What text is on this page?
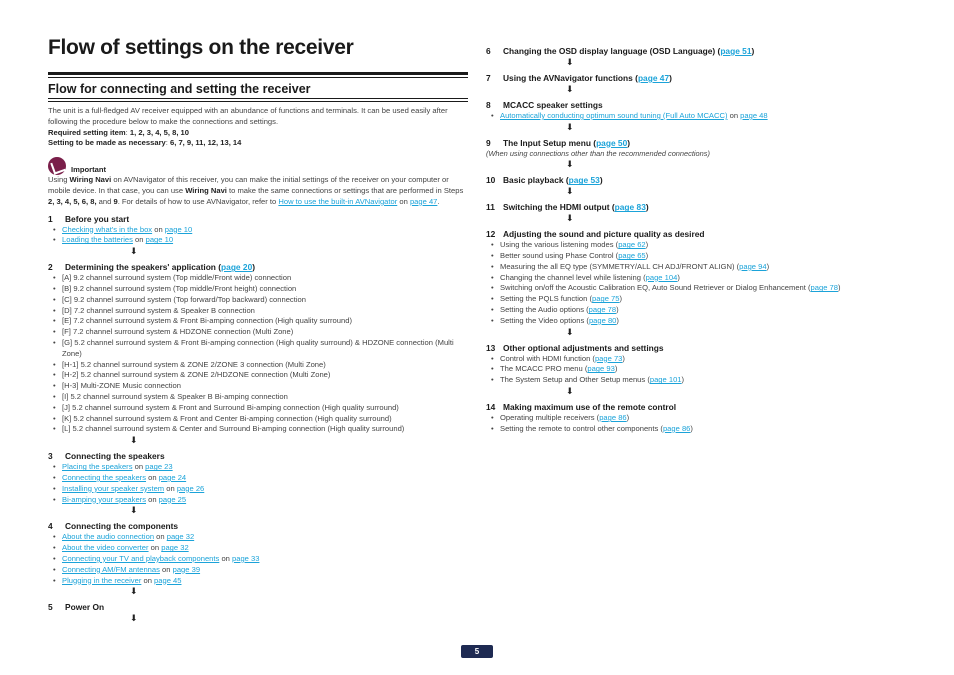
Flow of settings on the receiver
Flow for connecting and setting the receiver

The unit is a full-fledged AV receiver equipped with an abundance of functions and terminals. It can be used easily after following the procedure below to make the connections and settings.

Required setting item: 1, 2, 3, 4, 5, 8, 10

Setting to be made as necessary: 6, 7, 9, 11, 12, 13, 14

Important

Using Wiring Navi on AVNavigator of this receiver, you can make the initial settings of the receiver on your computer or mobile device. In that case, you can use Wiring Navi to make the same connections or settings that are performed in Steps 2, 3, 4, 5, 6, 8, and 9. For details of how to use AVNavigator, refer to How to use the built-in AVNavigator on page 47.

1 Before you start
• Checking what's in the box on page 10
• Loading the batteries on page 10
⬇
2 Determining the speakers' application (page 20)
• [A] 9.2 channel surround system (Top middle/Front wide) connection
• [B] 9.2 channel surround system (Top middle/Front height) connection
• [C] 9.2 channel surround system (Top forward/Top backward) connection
• [D] 7.2 channel surround system & Speaker B connection
• [E] 7.2 channel surround system & Front Bi-amping connection (High quality surround)
• [F] 7.2 channel surround system & HDZONE connection (Multi Zone)
• [G] 5.2 channel surround system & Front Bi-amping connection (High quality surround) & HDZONE connection (Multi Zone)
• [H-1] 5.2 channel surround system & ZONE 2/ZONE 3 connection (Multi Zone)
• [H-2] 5.2 channel surround system & ZONE 2/HDZONE connection (Multi Zone)
• [H-3] Multi-ZONE Music connection
• [I] 5.2 channel surround system & Speaker B Bi-amping connection
• [J] 5.2 channel surround system & Front and Surround Bi-amping connection (High quality surround)
• [K] 5.2 channel surround system & Front and Center Bi-amping connection (High quality surround)
• [L] 5.2 channel surround system & Center and Surround Bi-amping connection (High quality surround)
⬇
3 Connecting the speakers
• Placing the speakers on page 23
• Connecting the speakers on page 24
• Installing your speaker system on page 26
• Bi-amping your speakers on page 25
⬇
4 Connecting the components
• About the audio connection on page 32
• About the video converter on page 32
• Connecting your TV and playback components on page 33
• Connecting AM/FM antennas on page 39
• Plugging in the receiver on page 45
⬇
5 Power On
⬇
6 Changing the OSD display language (OSD Language) (page 51)
⬇
7 Using the AVNavigator functions (page 47)
⬇
8 MCACC speaker settings
• Automatically conducting optimum sound tuning (Full Auto MCACC) on page 48
⬇
9 The Input Setup menu (page 50)
(When using connections other than the recommended connections)
⬇
10 Basic playback (page 53)
⬇
11 Switching the HDMI output (page 83)
⬇
12 Adjusting the sound and picture quality as desired
• Using the various listening modes (page 62)
• Better sound using Phase Control (page 65)
• Measuring the all EQ type (SYMMETRY/ALL CH ADJ/FRONT ALIGN) (page 94)
• Changing the channel level while listening (page 104)
• Switching on/off the Acoustic Calibration EQ, Auto Sound Retriever or Dialog Enhancement (page 78)
• Setting the PQLS function (page 75)
• Setting the Audio options (page 78)
• Setting the Video options (page 80)
⬇
13 Other optional adjustments and settings
• Control with HDMI function (page 73)
• The MCACC PRO menu (page 93)
• The System Setup and Other Setup menus (page 101)
⬇
14 Making maximum use of the remote control
• Operating multiple receivers (page 86)
• Setting the remote to control other components (page 86)
5
